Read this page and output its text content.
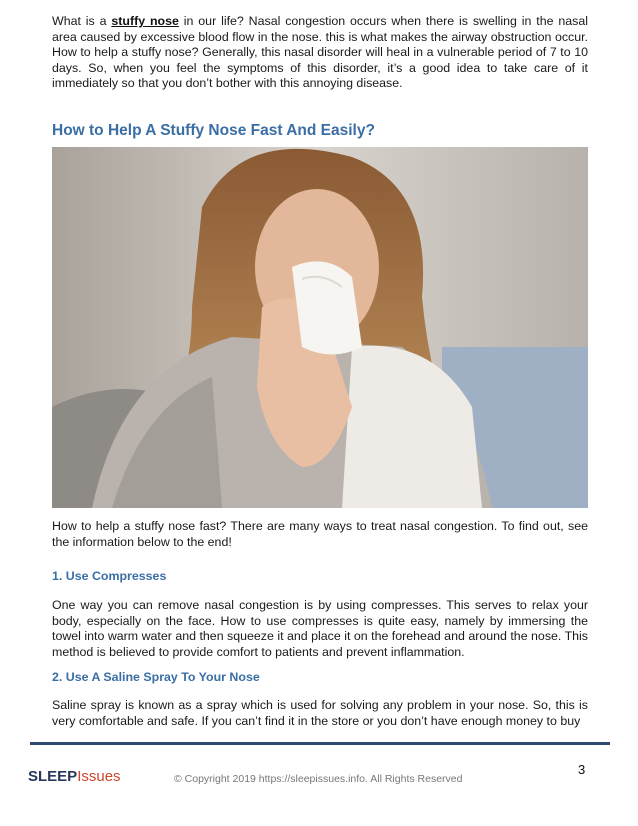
What is a stuffy nose in our life? Nasal congestion occurs when there is swelling in the nasal area caused by excessive blood flow in the nose. this is what makes the airway obstruction occur. How to help a stuffy nose? Generally, this nasal disorder will heal in a vulnerable period of 7 to 10 days. So, when you feel the symptoms of this disorder, it’s a good idea to take care of it immediately so that you don’t bother with this annoying disease.

How to Help A Stuffy Nose Fast And Easily?

How to help a stuffy nose fast? There are many ways to treat nasal congestion. To find out, see the information below to the end!

1. Use Compresses

One way you can remove nasal congestion is by using compresses. This serves to relax your body, especially on the face. How to use compresses is quite easy, namely by immersing the towel into warm water and then squeeze it and place it on the forehead and around the nose. This method is believed to provide comfort to patients and prevent inflammation.

2. Use A Saline Spray To Your Nose

Saline spray is known as a spray which is used for solving any problem in your nose. So, this is very comfortable and safe. If you can’t find it in the store or you don’t have enough money to buy

3
SLEEPIssues	© Copyright 2019 https://sleepissues.info. All Rights Reserved
